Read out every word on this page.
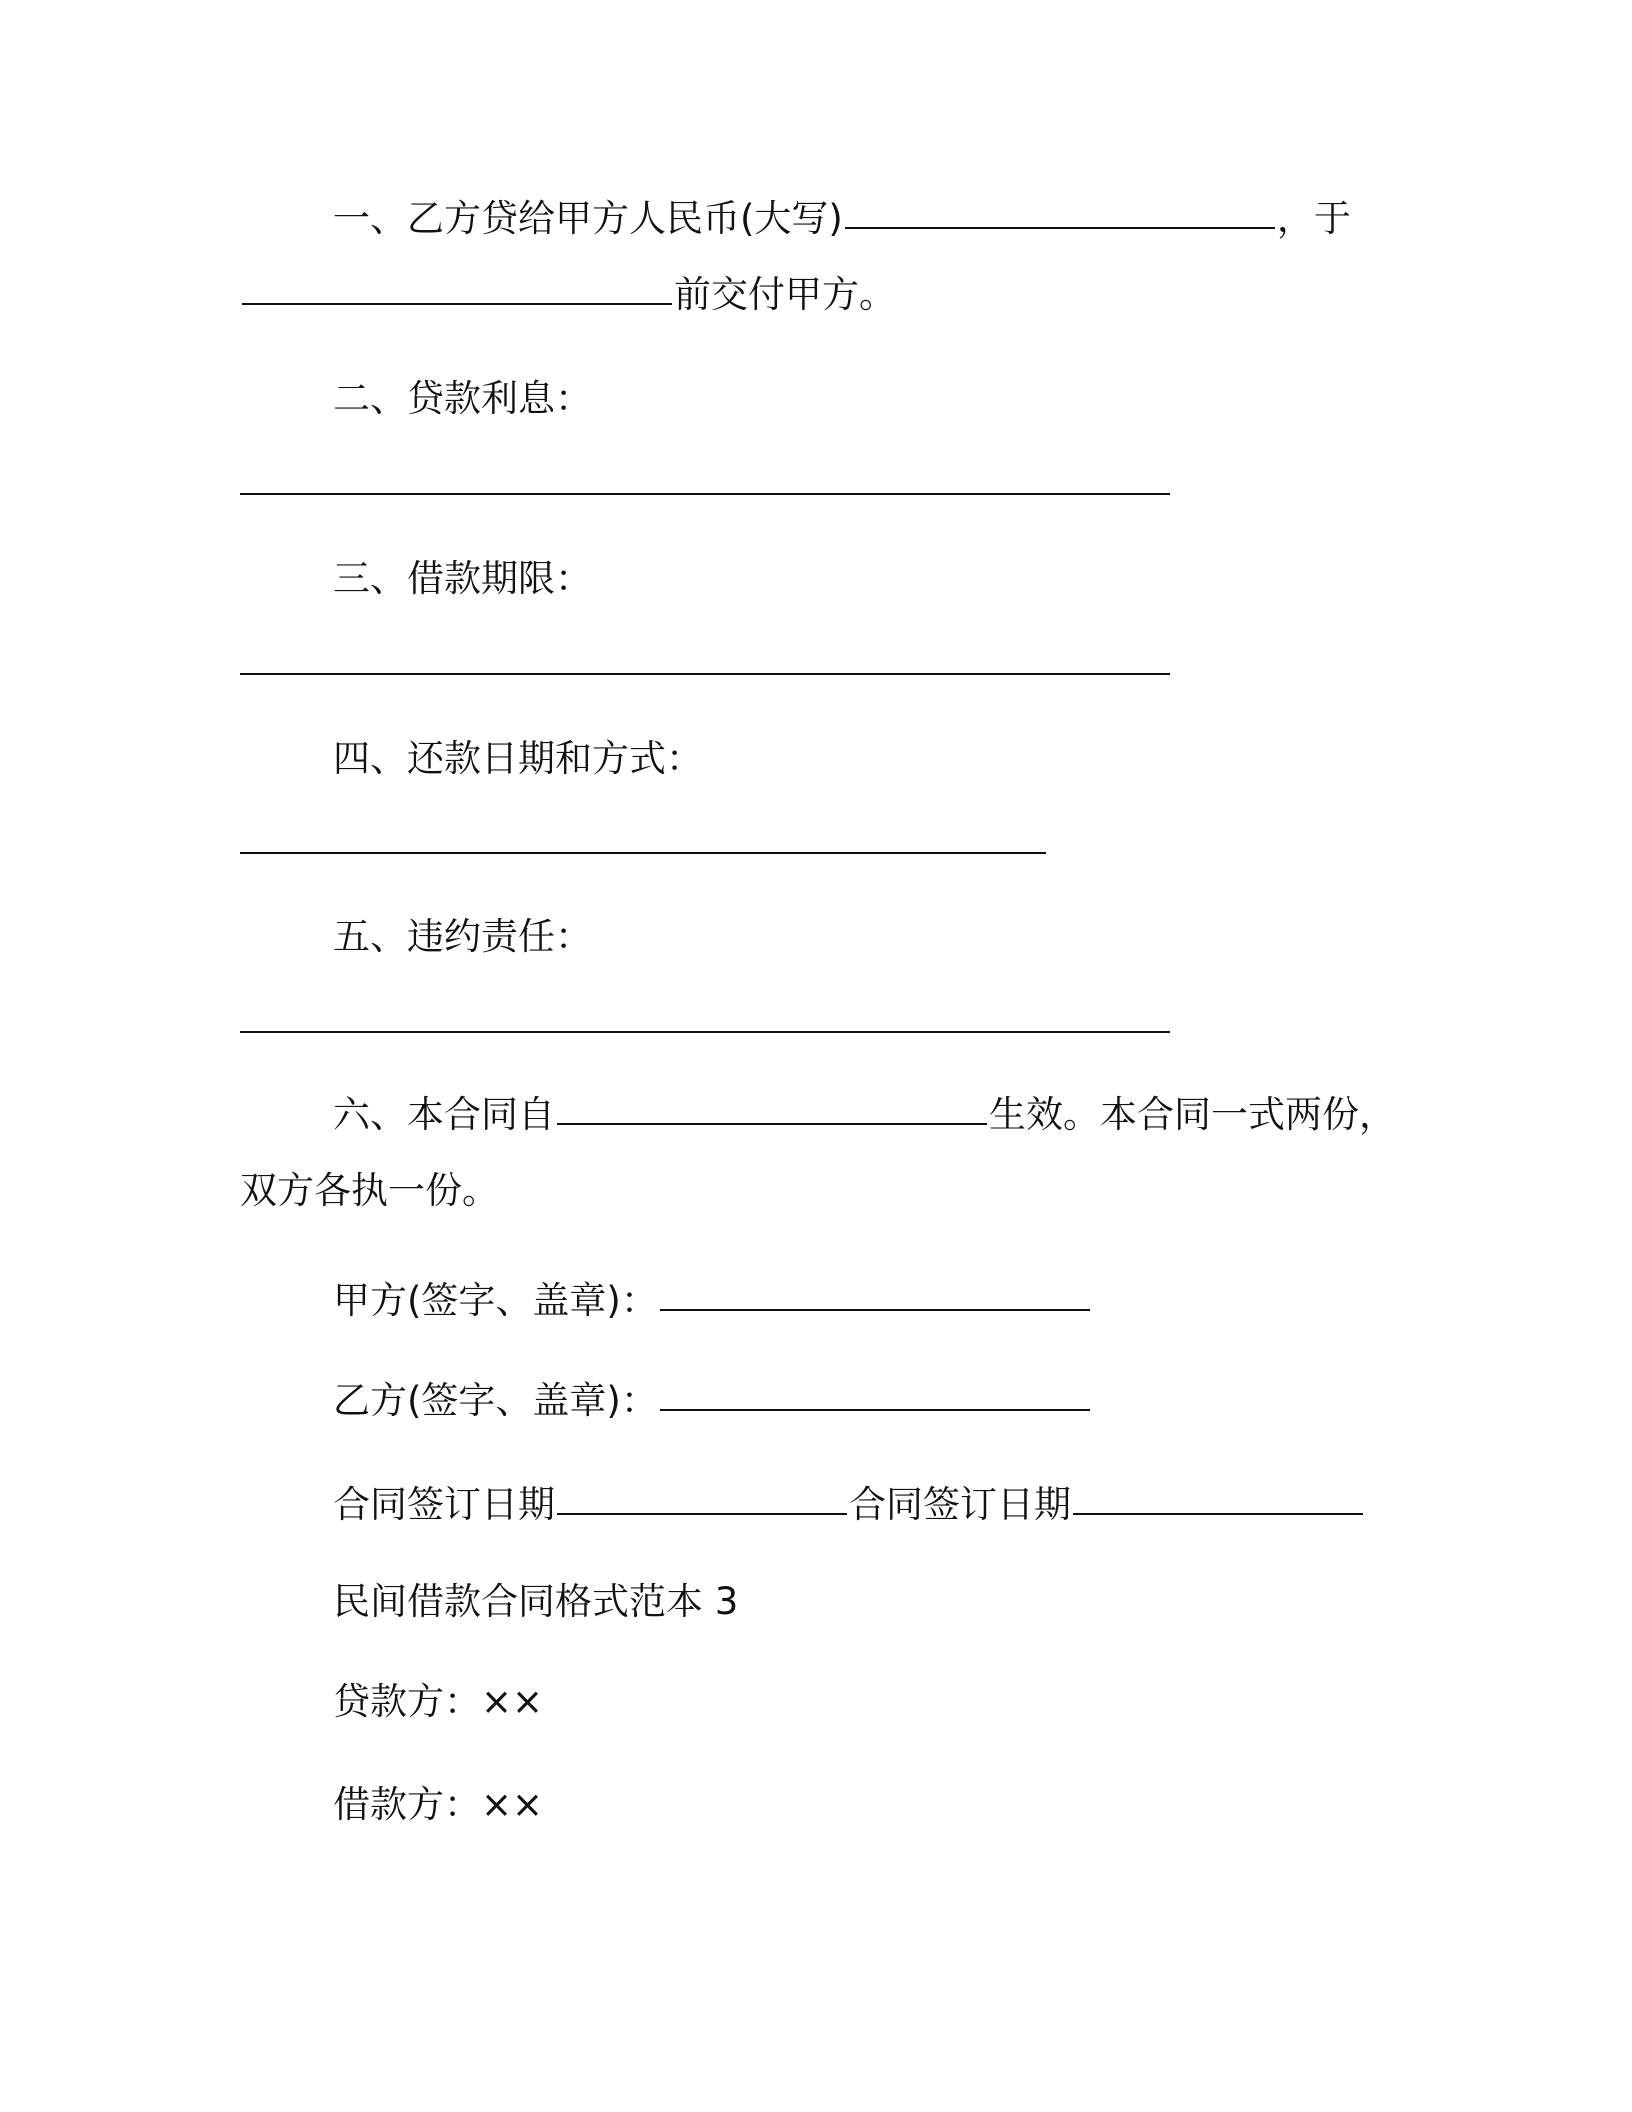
一、乙方贷给甲方人民币(大写)	，于

前交付甲方。

二、贷款利息：

三、借款期限：

四、还款日期和方式：

五、违约责任：

六、本合同自	生效。本合同一式两份，

双方各执一份。

甲方(签字、盖章)：

乙方(签字、盖章)：

合同签订日期	合同签订日期

民间借款合同格式范本 3

贷款方：××

借款方：××
